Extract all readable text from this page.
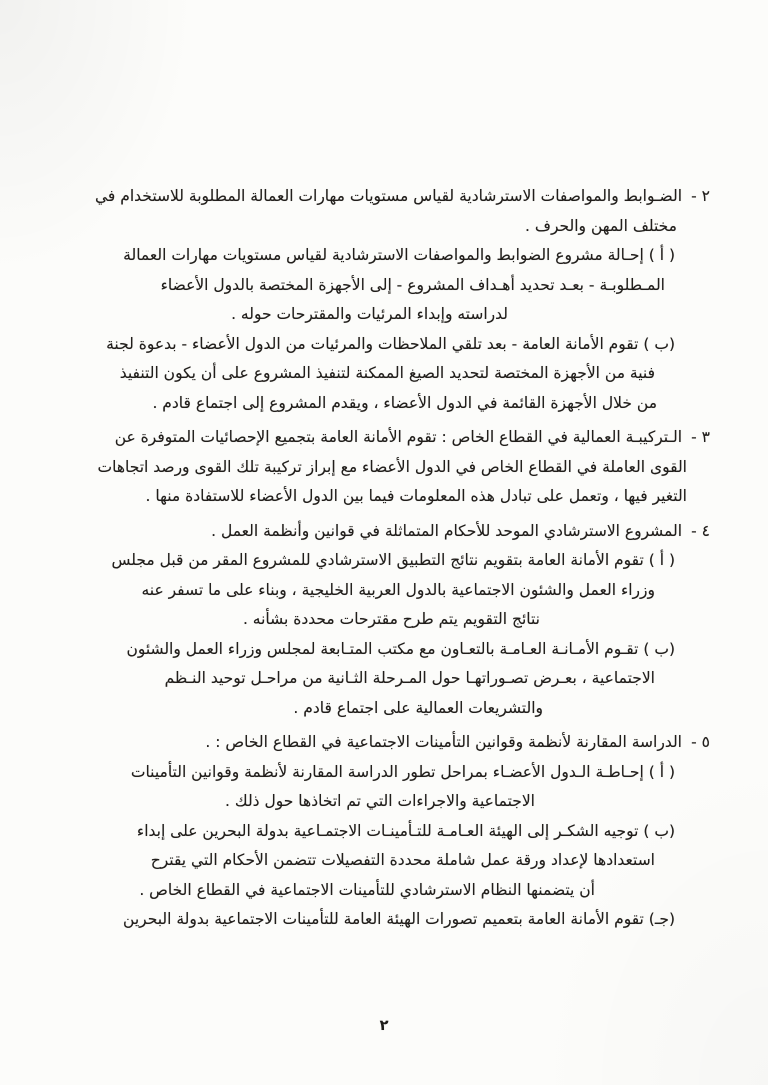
الضـوابط والمواصفات الاسترشادية لقياس مستويات مهارات العمالة المطلوبة للاستخدام في ٢ -
مختلف المهن والحرف .
( أ ) إحـالة مشروع الضوابط والمواصفات الاسترشادية لقياس مستويات مهارات العمالة
المـطلوبـة - بعـد تحديد أهـداف المشروع - إلى الأجهزة المختصة بالدول الأعضاء
لدراسته وإبداء المرئيات والمقترحات حوله .
(ب ) تقوم الأمانة العامة - بعد تلقي الملاحظات والمرئيات من الدول الأعضاء - بدعوة لجنة
فنية من الأجهزة المختصة لتحديد الصيغ الممكنة لتنفيذ المشروع على أن يكون التنفيذ
من خلال الأجهزة القائمة في الدول الأعضاء ، ويقدم المشروع إلى اجتماع قادم .
الـتركيبـة العمالية في القطاع الخاص : تقوم الأمانة العامة بتجميع الإحصائيات المتوفرة عن ٣ -
القوى العاملة في القطاع الخاص في الدول الأعضاء مع إبراز تركيبة تلك القوى ورصد اتجاهات
التغير فيها ، وتعمل على تبادل هذه المعلومات فيما بين الدول الأعضاء للاستفادة منها .
المشروع الاسترشادي الموحد للأحكام المتماثلة في قوانين وأنظمة العمل . ٤ -
( أ ) تقوم الأمانة العامة بتقويم نتائج التطبيق الاسترشادي للمشروع المقر من قبل مجلس
وزراء العمل والشئون الاجتماعية بالدول العربية الخليجية ، وبناء على ما تسفر عنه
نتائج التقويم يتم طرح مقترحات محددة بشأنه .
(ب ) تقـوم الأمـانـة العـامـة بالتعـاون مع مكتب المتـابعة لمجلس وزراء العمل والشئون
الاجتماعية ، بعـرض تصـوراتهـا حول المـرحلة الثـانية من مراحـل توحيد النـظم
والتشريعات العمالية على اجتماع قادم .
الدراسة المقارنة لأنظمة وقوانين التأمينات الاجتماعية في القطاع الخاص : . ٥ -
( أ ) إحـاطـة الـدول الأعضـاء بمراحل تطور الدراسة المقارنة لأنظمة وقوانين التأمينات
الاجتماعية والاجراءات التي تم اتخاذها حول ذلك .
(ب ) توجيه الشكـر إلى الهيئة العـامـة للتـأمينـات الاجتمـاعية بدولة البحرين على إبداء
استعدادها لإعداد ورقة عمل شاملة محددة التفصيلات تتضمن الأحكام التي يقترح
أن يتضمنها النظام الاسترشادي للتأمينات الاجتماعية في القطاع الخاص .
(جـ) تقوم الأمانة العامة بتعميم تصورات الهيئة العامة للتأمينات الاجتماعية بدولة البحرين
٢
